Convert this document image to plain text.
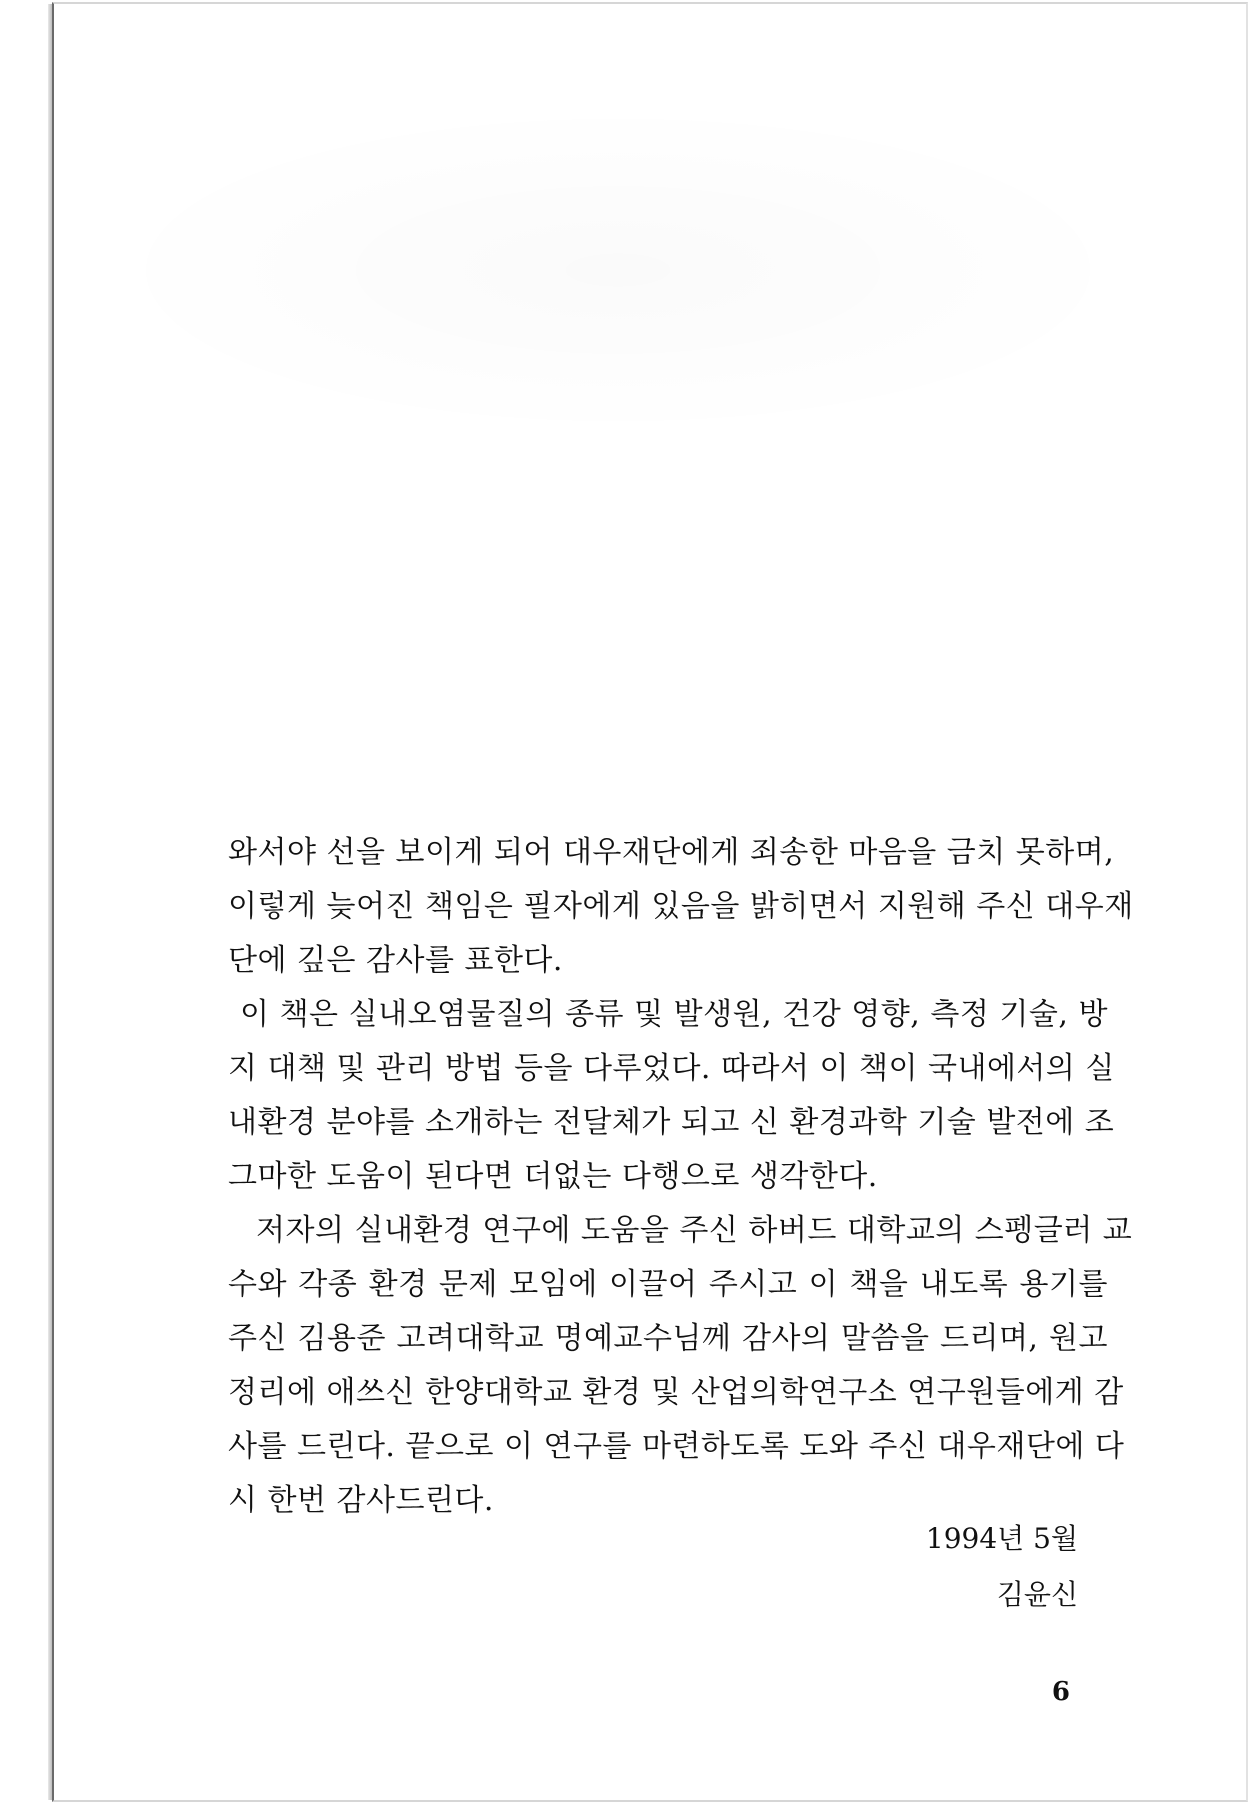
와서야 선을 보이게 되어 대우재단에게 죄송한 마음을 금치 못하며,
이렇게 늦어진 책임은 필자에게 있음을 밝히면서 지원해 주신 대우재
단에 깊은 감사를 표한다.
이 책은 실내오염물질의 종류 및 발생원, 건강 영향, 측정 기술, 방
지 대책 및 관리 방법 등을 다루었다. 따라서 이 책이 국내에서의 실
내환경 분야를 소개하는 전달체가 되고 신 환경과학 기술 발전에 조
그마한 도움이 된다면 더없는 다행으로 생각한다.
저자의 실내환경 연구에 도움을 주신 하버드 대학교의 스펭글러 교
수와 각종 환경 문제 모임에 이끌어 주시고 이 책을 내도록 용기를
주신 김용준 고려대학교 명예교수님께 감사의 말씀을 드리며, 원고
정리에 애쓰신 한양대학교 환경 및 산업의학연구소 연구원들에게 감
사를 드린다. 끝으로 이 연구를 마련하도록 도와 주신 대우재단에 다
시 한번 감사드린다.
1994년 5월
김윤신
6
